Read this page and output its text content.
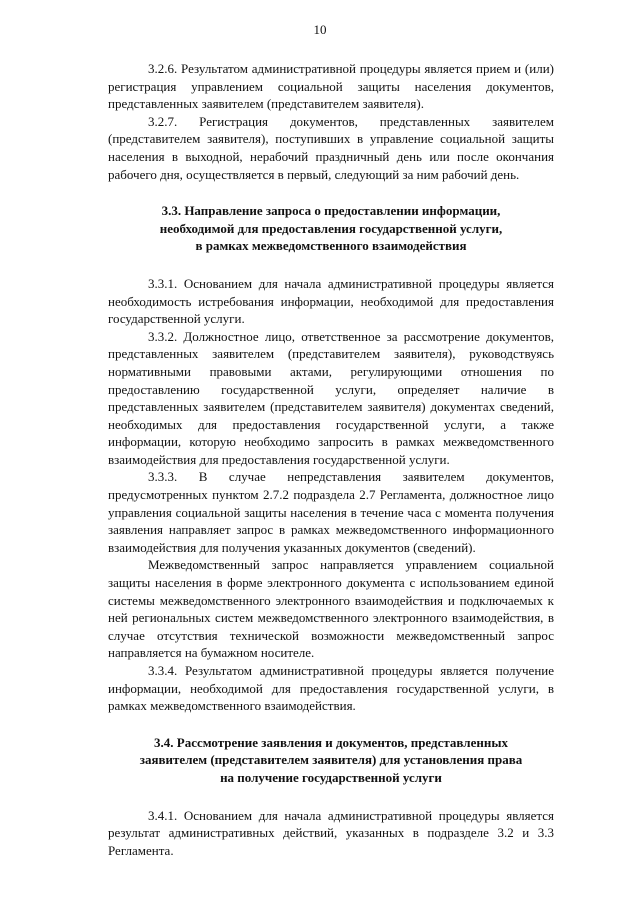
10

3.2.6. Результатом административной процедуры является прием и (или) регистрация управлением социальной защиты населения документов, представленных заявителем (представителем заявителя).

3.2.7. Регистрация документов, представленных заявителем (представителем заявителя), поступивших в управление социальной защиты населения в выходной, нерабочий праздничный день или после окончания рабочего дня, осуществляется в первый, следующий за ним рабочий день.

3.3. Направление запроса о предоставлении информации,
необходимой для предоставления государственной услуги,
в рамках межведомственного взаимодействия

3.3.1. Основанием для начала административной процедуры является необходимость истребования информации, необходимой для предоставления государственной услуги.

3.3.2. Должностное лицо, ответственное за рассмотрение документов, представленных заявителем (представителем заявителя), руководствуясь нормативными правовыми актами, регулирующими отношения по предоставлению государственной услуги, определяет наличие в представленных заявителем (представителем заявителя) документах сведений, необходимых для предоставления государственной услуги, а также информации, которую необходимо запросить в рамках межведомственного взаимодействия для предоставления государственной услуги.

3.3.3. В случае непредставления заявителем документов, предусмотренных пунктом 2.7.2 подраздела 2.7 Регламента, должностное лицо управления социальной защиты населения в течение часа с момента получения заявления направляет запрос в рамках межведомственного информационного взаимодействия для получения указанных документов (сведений).

Межведомственный запрос направляется управлением социальной защиты населения в форме электронного документа с использованием единой системы межведомственного электронного взаимодействия и подключаемых к ней региональных систем межведомственного электронного взаимодействия, в случае отсутствия технической возможности межведомственный запрос направляется на бумажном носителе.

3.3.4. Результатом административной процедуры является получение информации, необходимой для предоставления государственной услуги, в рамках межведомственного взаимодействия.

3.4. Рассмотрение заявления и документов, представленных
заявителем (представителем заявителя) для установления права
на получение государственной услуги

3.4.1. Основанием для начала административной процедуры является результат административных действий, указанных в подразделе 3.2 и 3.3 Регламента.
